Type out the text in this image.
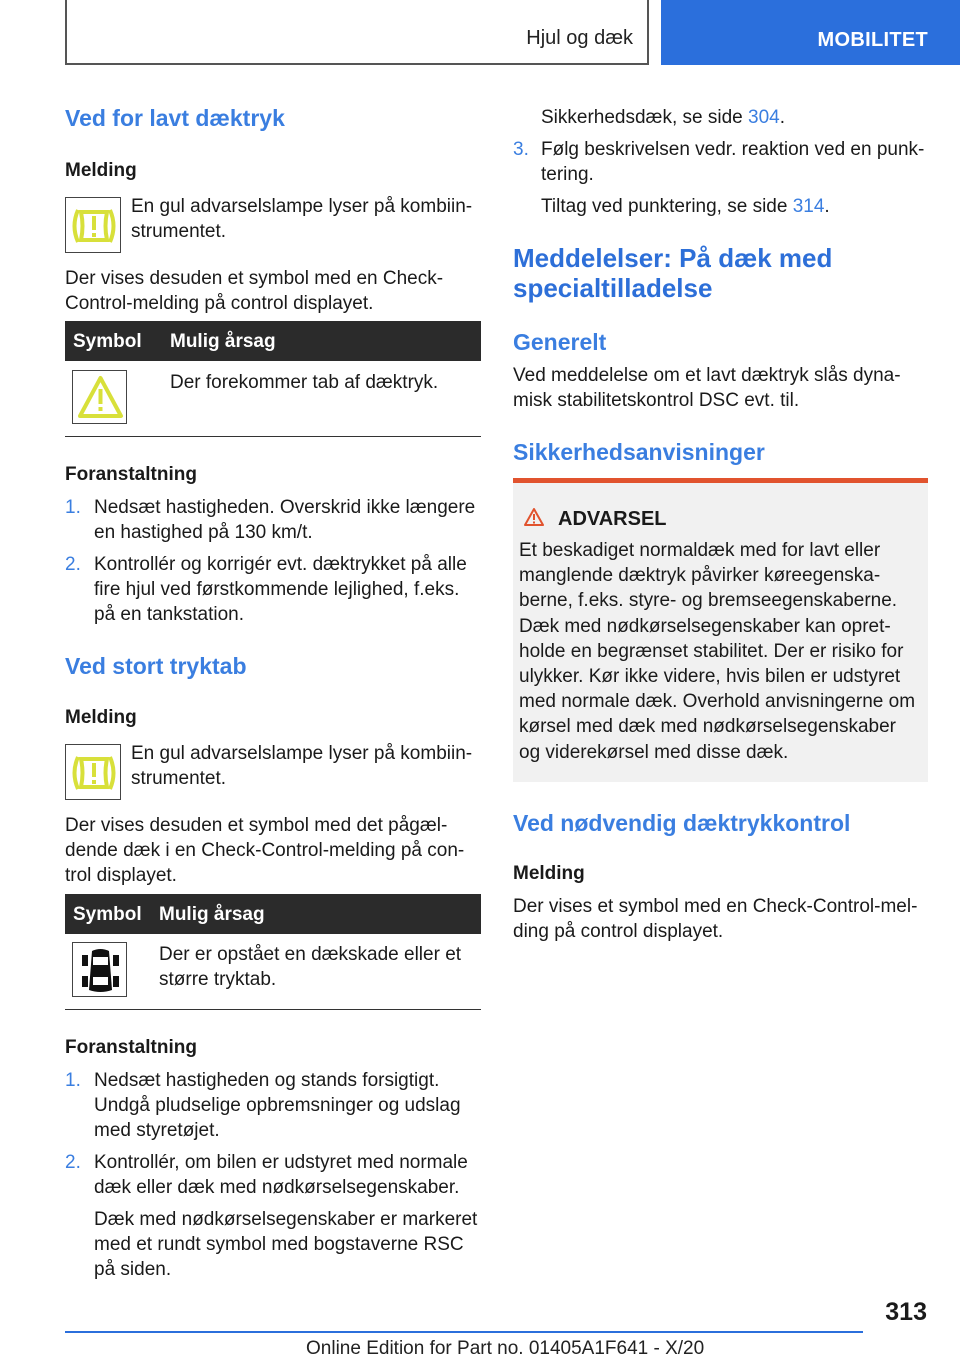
Hjul og dæk	MOBILITET
Ved for lavt dæktryk
Melding
En gul advarselslampe lyser på kombiin-
strumentet.
Der vises desuden et symbol med en Check-
Control-melding på control displayet.
Symbol Mulig årsag
Der forekommer tab af dæktryk.
Foranstaltning
1. Nedsæt hastigheden. Overskrid ikke længere
en hastighed på 130 km/t.
2. Kontrollér og korrigér evt. dæktrykket på alle
fire hjul ved førstkommende lejlighed, f.eks.
på en tankstation.
Ved stort tryktab
Melding
En gul advarselslampe lyser på kombiin-
strumentet.
Der vises desuden et symbol med det pågæl-
dende dæk i en Check-Control-melding på con-
trol displayet.
Symbol Mulig årsag
Der er opstået en dækskade eller et
større tryktab.
Foranstaltning
1. Nedsæt hastigheden og stands forsigtigt.
Undgå pludselige opbremsninger og udslag
med styretøjet.
2. Kontrollér, om bilen er udstyret med normale
dæk eller dæk med nødkørselsegenskaber.
Dæk med nødkørselsegenskaber er markeret
med et rundt symbol med bogstaverne RSC
på siden.
Sikkerhedsdæk, se side 304.
3. Følg beskrivelsen vedr. reaktion ved en punk-
tering.
Tiltag ved punktering, se side 314.
Meddelelser: På dæk med
specialtilladelse
Generelt
Ved meddelelse om et lavt dæktryk slås dyna-
misk stabilitetskontrol DSC evt. til.
Sikkerhedsanvisninger
ADVARSEL
Et beskadiget normaldæk med for lavt eller
manglende dæktryk påvirker køreegenska-
berne, f.eks. styre- og bremseegenskaberne.
Dæk med nødkørselsegenskaber kan opret-
holde en begrænset stabilitet. Der er risiko for
ulykker. Kør ikke videre, hvis bilen er udstyret
med normale dæk. Overhold anvisningerne om
kørsel med dæk med nødkørselsegenskaber
og viderekørsel med disse dæk.
Ved nødvendig dæktrykkontrol
Melding
Der vises et symbol med en Check-Control-mel-
ding på control displayet.
313
Online Edition for Part no. 01405A1F641 - X/20
